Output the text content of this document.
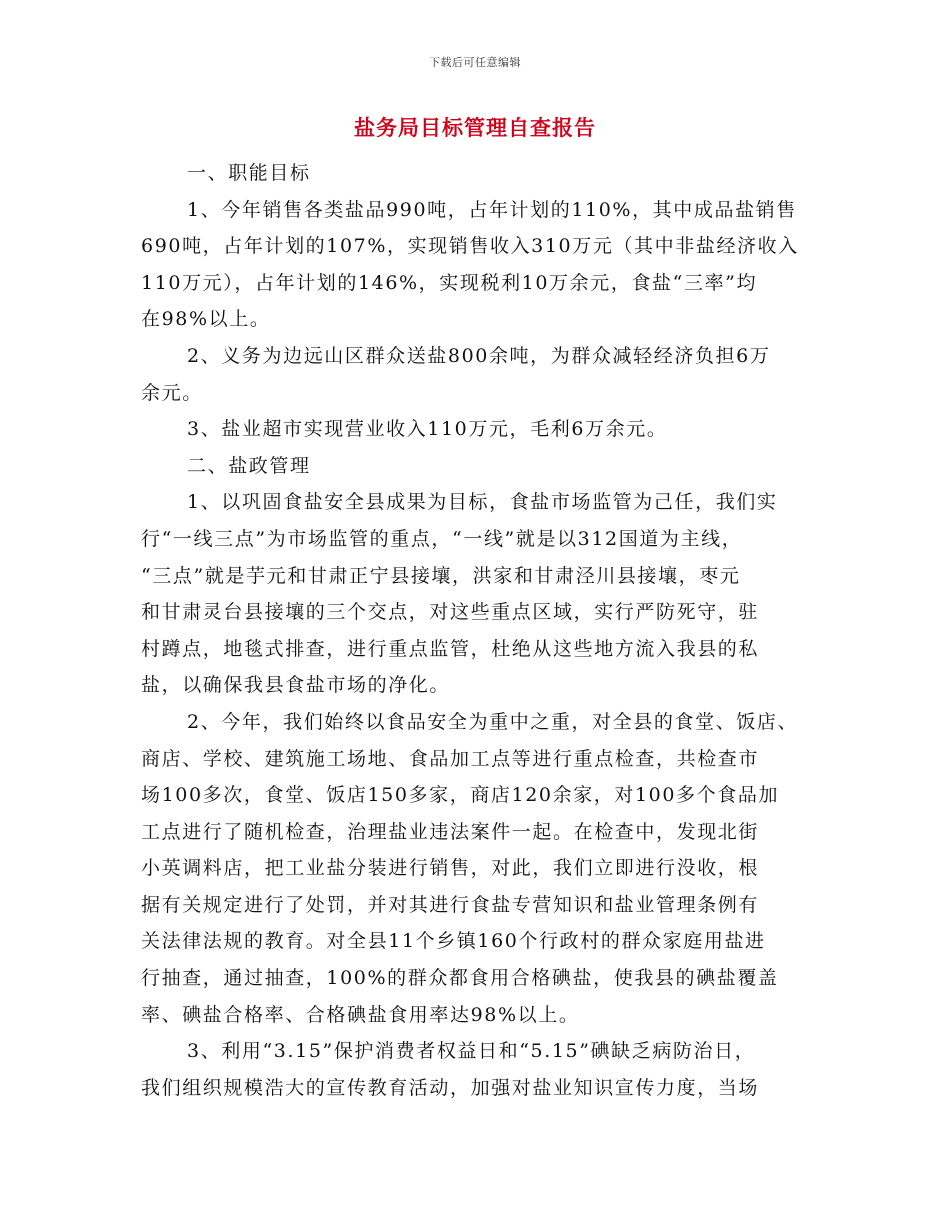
下载后可任意编辑
盐务局目标管理自查报告
一、职能目标
1、今年销售各类盐品990吨，占年计划的110%，其中成品盐销售
690吨，占年计划的107%，实现销售收入310万元（其中非盐经济收入
110万元），占年计划的146%，实现税利10万余元，食盐“三率”均
在98%以上。
2、义务为边远山区群众送盐800余吨，为群众减轻经济负担6万
余元。
3、盐业超市实现营业收入110万元，毛利6万余元。
二、盐政管理
1、以巩固食盐安全县成果为目标，食盐市场监管为己任，我们实
行“一线三点”为市场监管的重点，“一线”就是以312国道为主线，
“三点”就是芋元和甘肃正宁县接壤，洪家和甘肃泾川县接壤，枣元
和甘肃灵台县接壤的三个交点，对这些重点区域，实行严防死守，驻
村蹲点，地毯式排查，进行重点监管，杜绝从这些地方流入我县的私
盐，以确保我县食盐市场的净化。
2、今年，我们始终以食品安全为重中之重，对全县的食堂、饭店、
商店、学校、建筑施工场地、食品加工点等进行重点检查，共检查市
场100多次，食堂、饭店150多家，商店120余家，对100多个食品加
工点进行了随机检查，治理盐业违法案件一起。在检查中，发现北街
小英调料店，把工业盐分装进行销售，对此，我们立即进行没收，根
据有关规定进行了处罚，并对其进行食盐专营知识和盐业管理条例有
关法律法规的教育。对全县11个乡镇160个行政村的群众家庭用盐进
行抽查，通过抽查，100%的群众都食用合格碘盐，使我县的碘盐覆盖
率、碘盐合格率、合格碘盐食用率达98%以上。
3、利用“3.15”保护消费者权益日和“5.15”碘缺乏病防治日，
我们组织规模浩大的宣传教育活动，加强对盐业知识宣传力度，当场
